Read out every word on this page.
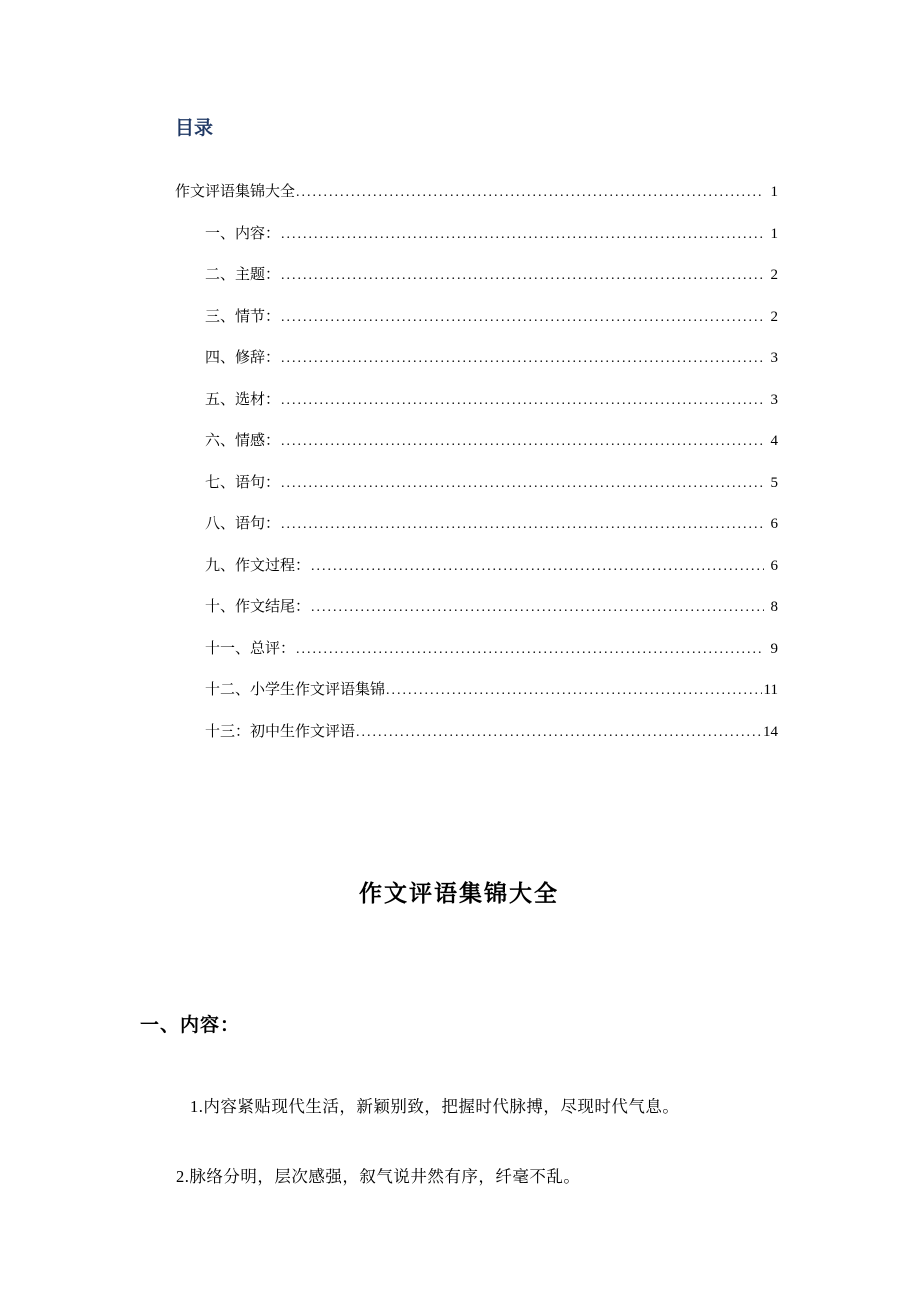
目录
作文评语集锦大全 .....	1
一、内容： .....	1
二、主题： .....	2
三、情节： .....	2
四、修辞： .....	3
五、选材： .....	3
六、情感： .....	4
七、语句： .....	5
八、语句： .....	6
九、作文过程： .....	6
十、作文结尾： .....	8
十一、总评： .....	9
十二、小学生作文评语集锦 .....	11
十三：初中生作文评语 .....	14
作文评语集锦大全
一、内容：

1.内容紧贴现代生活，新颖别致，把握时代脉搏，尽现时代气息。

2.脉络分明，层次感强，叙气说井然有序，纤毫不乱。
